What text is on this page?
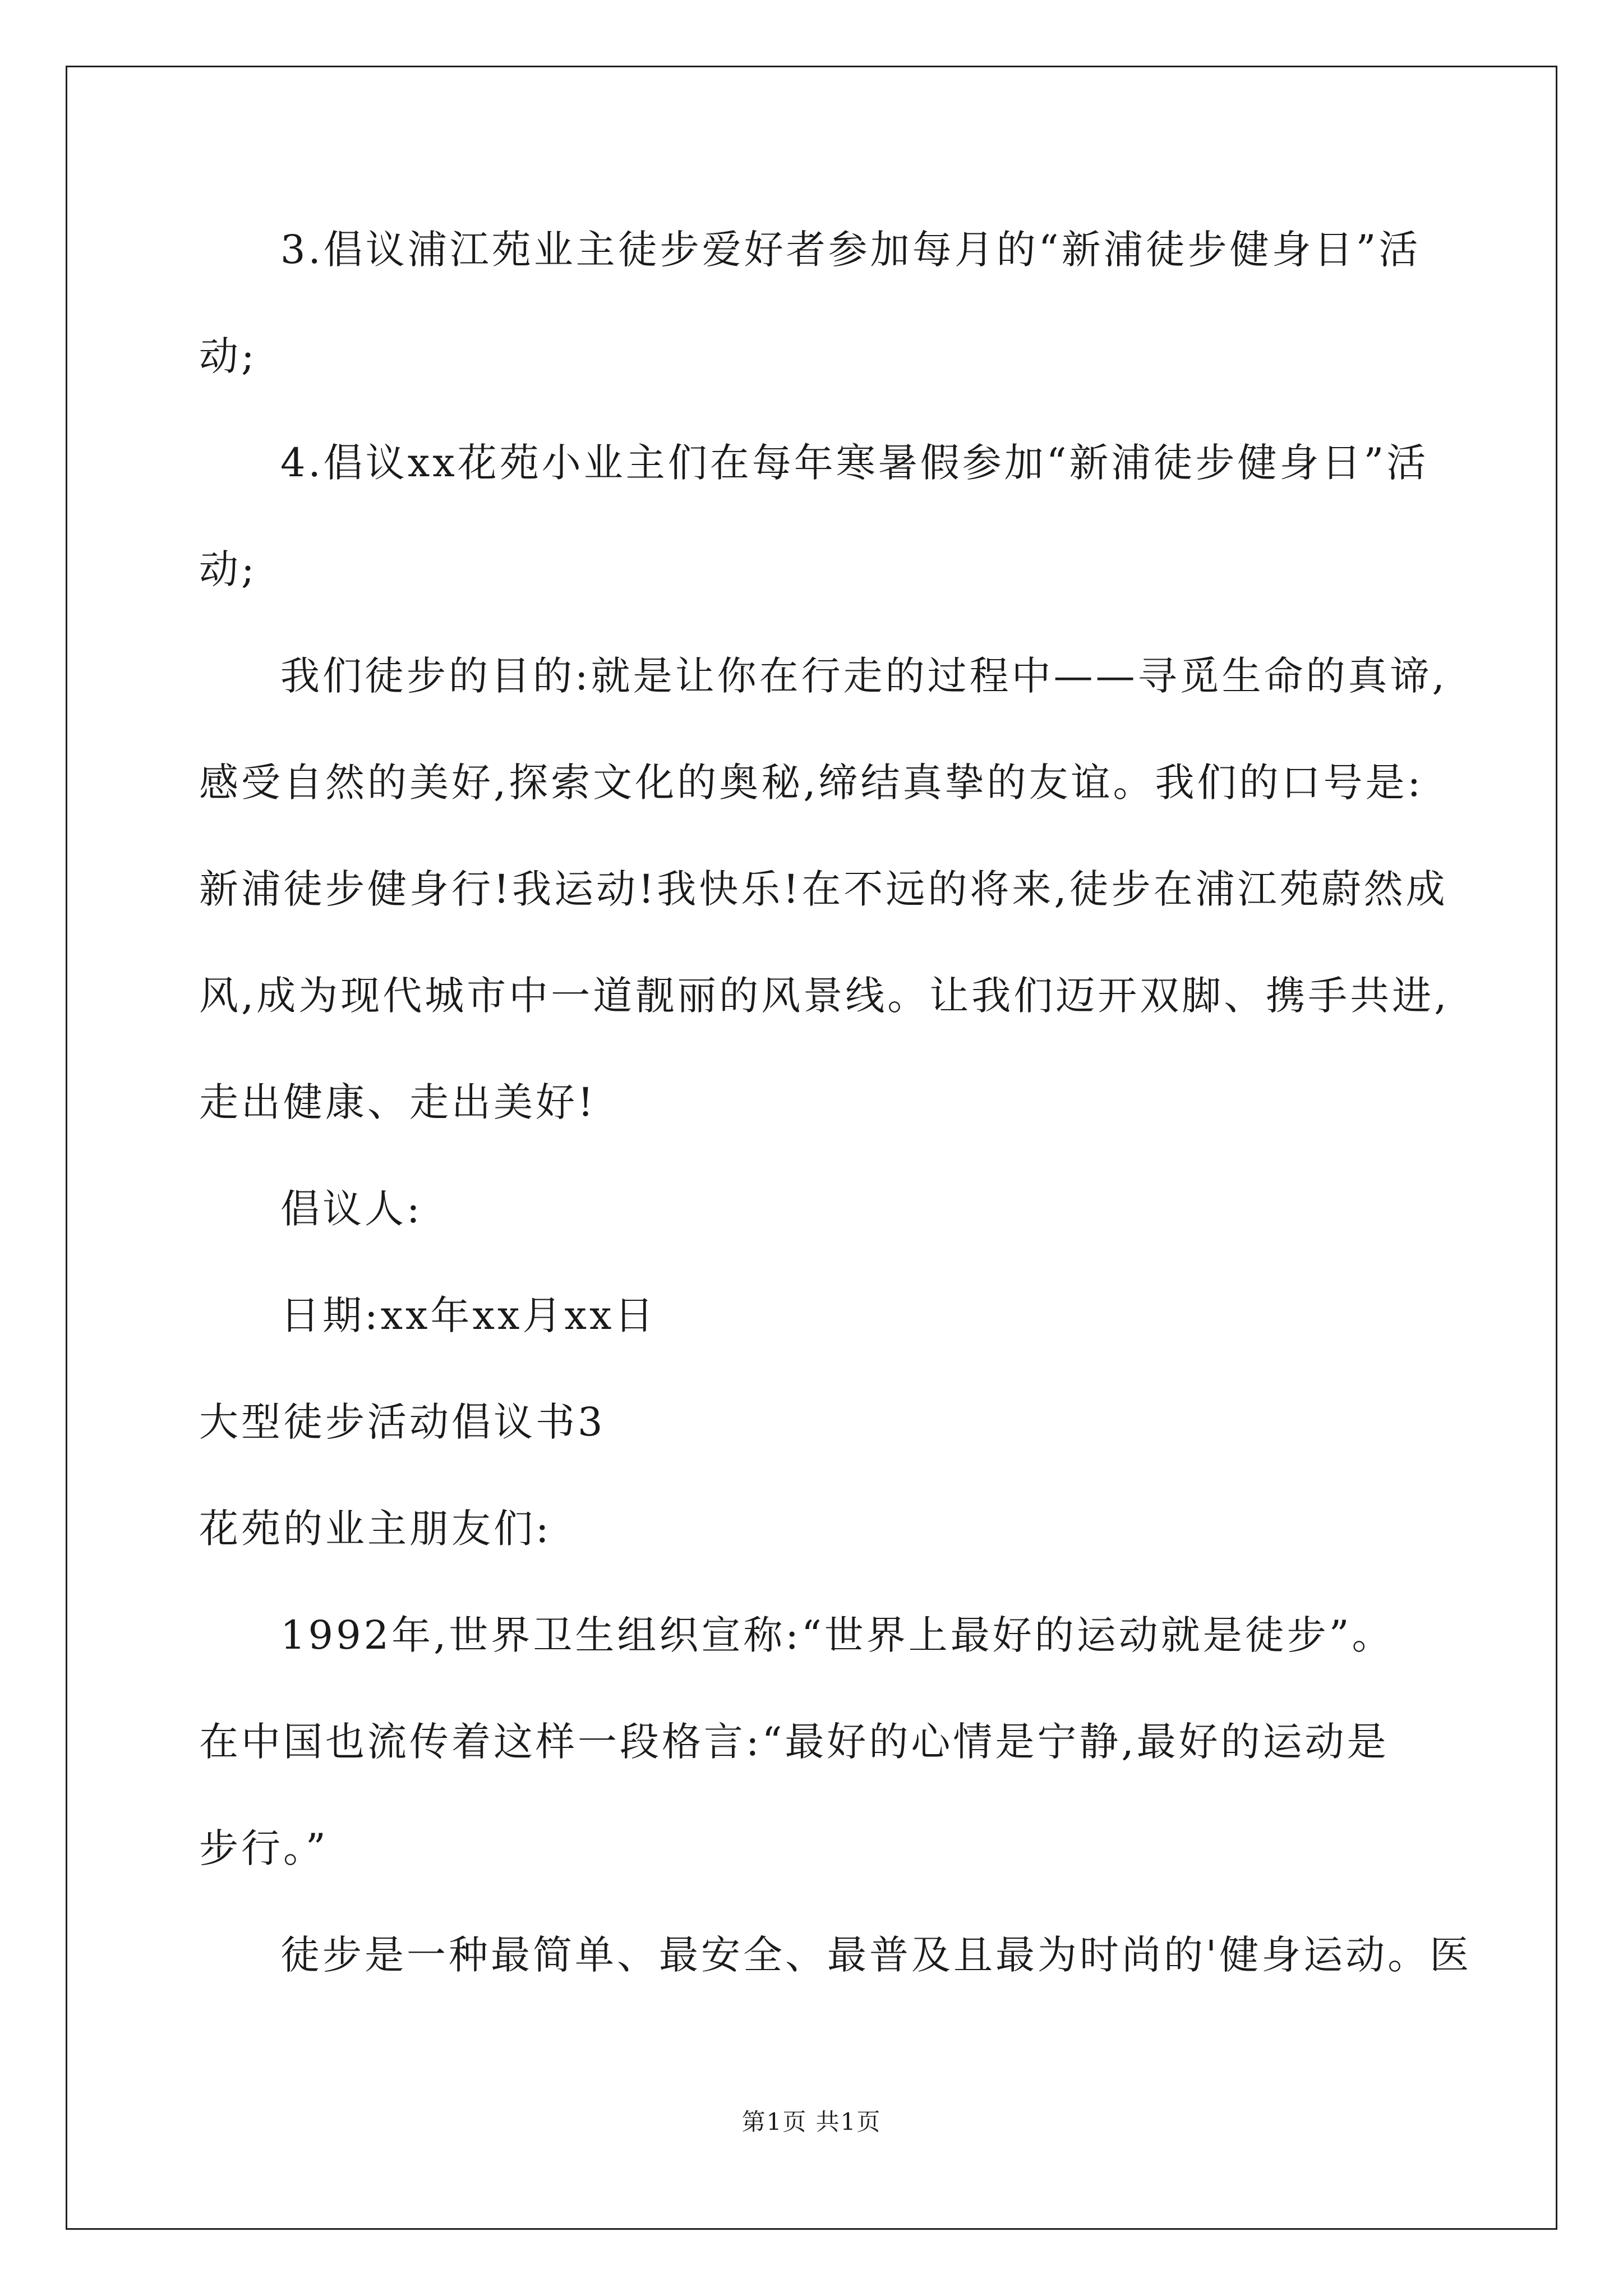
3.倡议浦江苑业主徒步爱好者参加每月的“新浦徒步健身日”活
动;
4.倡议xx花苑小业主们在每年寒暑假参加“新浦徒步健身日”活
动;
我们徒步的目的:就是让你在行走的过程中——寻觅生命的真谛,
感受自然的美好,探索文化的奥秘,缔结真挚的友谊。我们的口号是:
新浦徒步健身行!我运动!我快乐!在不远的将来,徒步在浦江苑蔚然成
风,成为现代城市中一道靓丽的风景线。让我们迈开双脚、携手共进,
走出健康、走出美好!
倡议人:
日期:xx年xx月xx日
大型徒步活动倡议书3
花苑的业主朋友们:
1992年,世界卫生组织宣称:“世界上最好的运动就是徒步”。
在中国也流传着这样一段格言:“最好的心情是宁静,最好的运动是
步行。”
徒步是一种最简单、最安全、最普及且最为时尚的'健身运动。医
第1页 共1页
